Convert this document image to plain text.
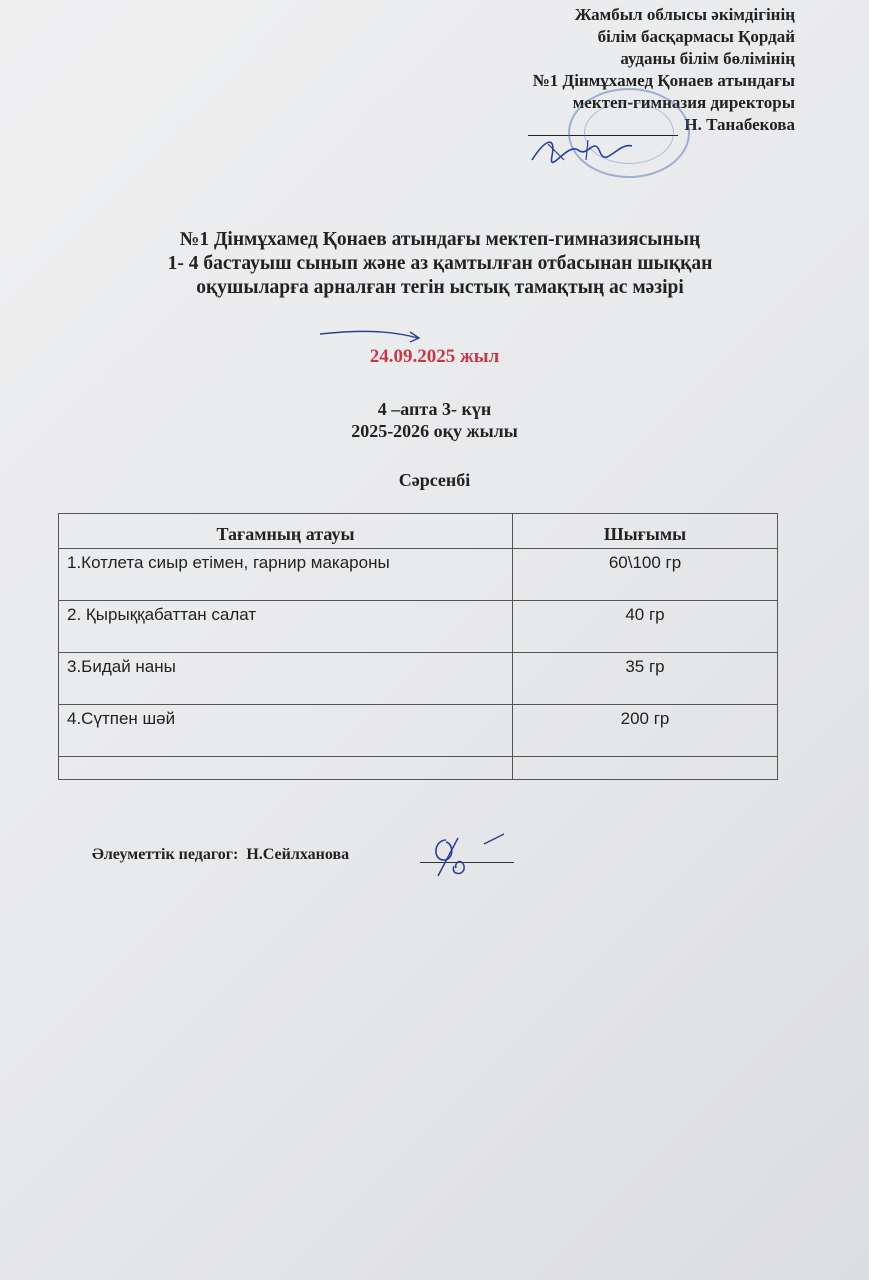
Жамбыл облысы әкімдігінің
білім басқармасы Қордай
ауданы білім бөлімінің
№1 Дінмұхамед Қонаев атындағы
мектеп-гимназия директоры
Н. Танабекова
№1 Дінмұхамед Қонаев атындағы мектеп-гимназиясының
1- 4 бастауыш сынып және аз қамтылған отбасынан шыққан
оқушыларға арналған тегін ыстық тамақтың ас мәзірі
24.09.2025 жыл
4 –апта 3- күн
2025-2026 оқу жылы
Сәрсенбі
Тағамның атауы	Шығымы
1.Котлета сиыр етімен, гарнир макароны	60\100 гр
2. Қырыққабаттан салат	40 гр
3.Бидай наны	35 гр
4.Сүтпен шәй	200 гр

Әлеуметтік педагог: Н.Сейлханова
